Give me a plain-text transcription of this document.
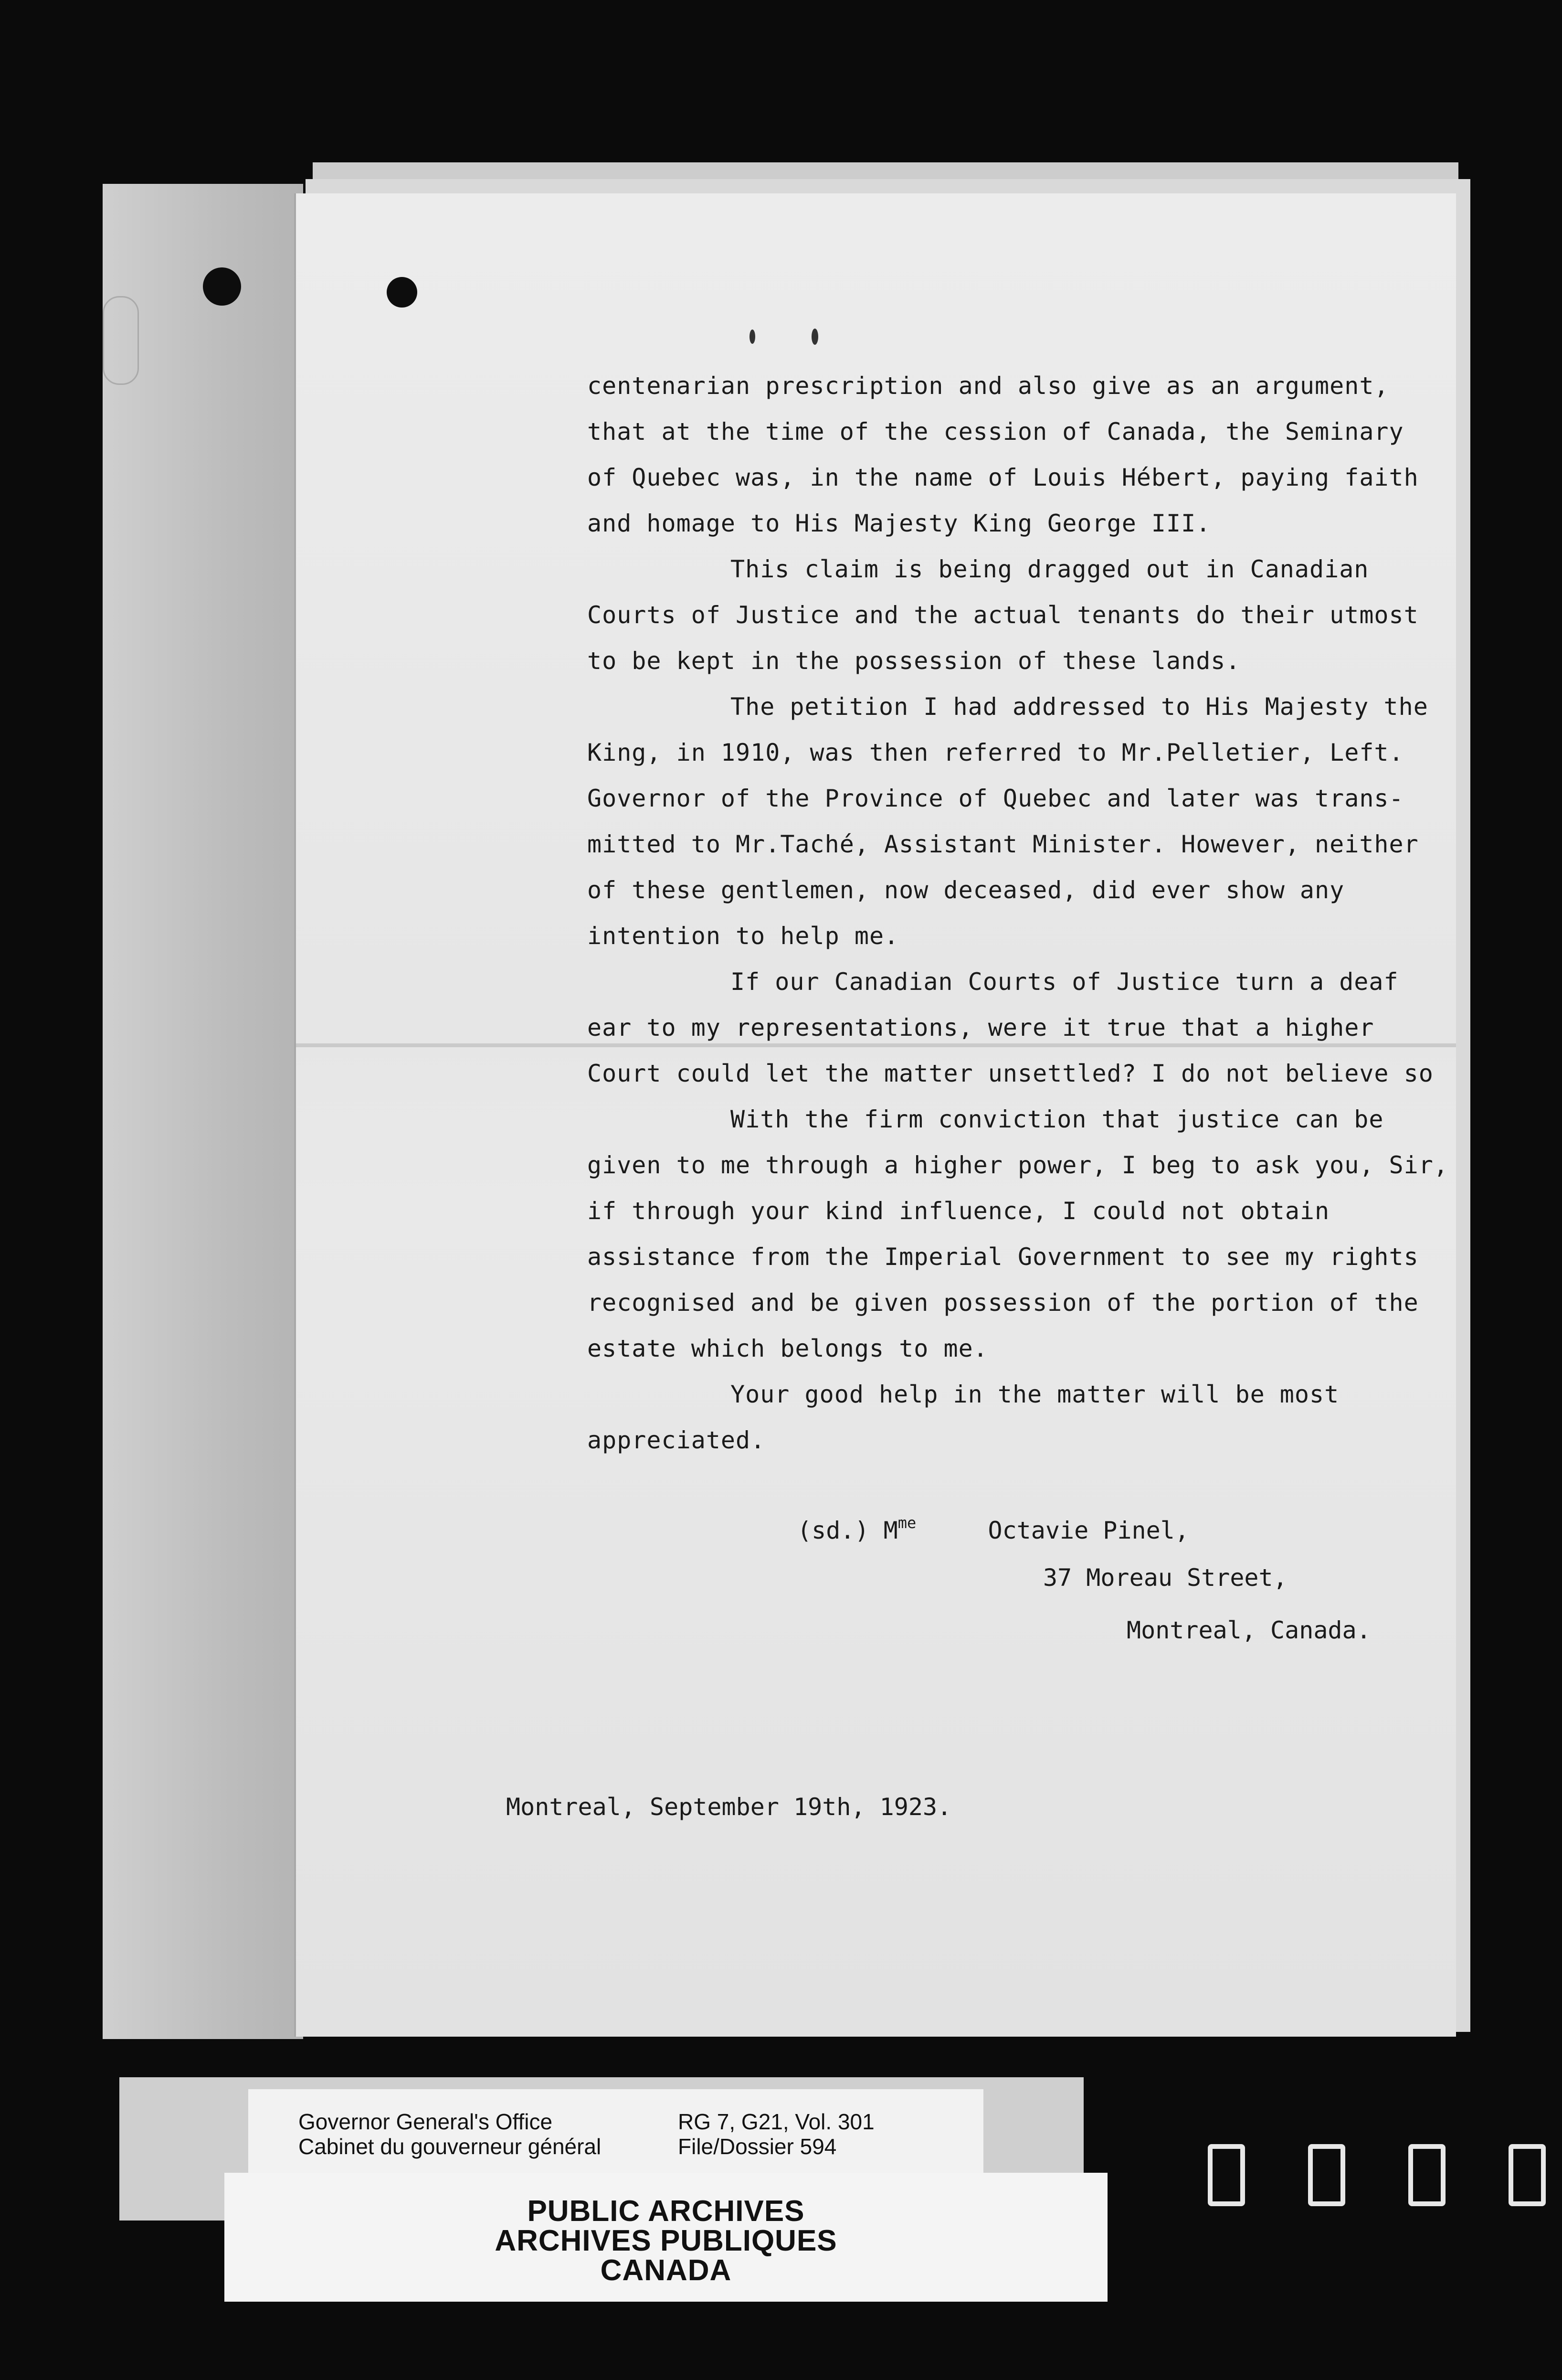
centenarian prescription and also give as an argument,
that at the time of the cession of Canada, the Seminary
of Quebec was, in the name of Louis Hébert, paying faith
and homage to His Majesty King George III.
This claim is being dragged out in Canadian
Courts of Justice and the actual tenants do their utmost
to be kept in the possession of these lands.
The petition I had addressed to His Majesty the
King, in 1910, was then referred to Mr.Pelletier, Left.
Governor of the Province of Quebec and later was trans-
mitted to Mr.Taché, Assistant Minister. However, neither
of these gentlemen, now deceased, did ever show any
intention to help me.
If our Canadian Courts of Justice turn a deaf
ear to my representations, were it true that a higher
Court could let the matter unsettled? I do not believe so
With the firm conviction that justice can be
given to me through a higher power, I beg to ask you, Sir,
if through your kind influence, I could not obtain
assistance from the Imperial Government to see my rights
recognised and be given possession of the portion of the
estate which belongs to me.
Your good help in the matter will be most
appreciated.
(sd.) $M^{me}$	Octavie Pinel,
37 Moreau Street,
Montreal, Canada.
Montreal, September 19th, 1923.
Governor General's Office
Cabinet du gouverneur général
RG 7, G21, Vol. 301
File/Dossier 594
PUBLIC ARCHIVES
ARCHIVES PUBLIQUES
CANADA
